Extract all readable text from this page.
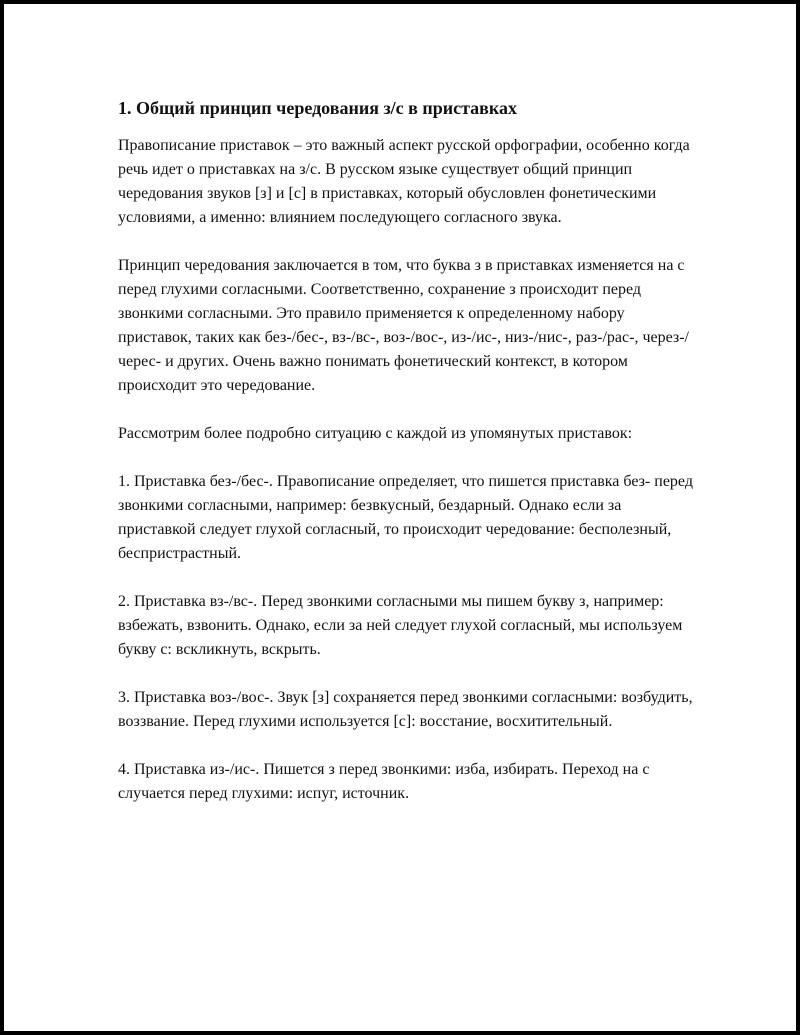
1. Общий принцип чередования з/с в приставках

Правописание приставок – это важный аспект русской орфографии, особенно когда речь идет о приставках на з/с. В русском языке существует общий принцип чередования звуков [з] и [с] в приставках, который обусловлен фонетическими условиями, а именно: влиянием последующего согласного звука.

Принцип чередования заключается в том, что буква з в приставках изменяется на с перед глухими согласными. Соответственно, сохранение з происходит перед звонкими согласными. Это правило применяется к определенному набору приставок, таких как без-/бес-, вз-/вс-, воз-/вос-, из-/ис-, низ-/нис-, раз-/рас-, через-/черес- и других. Очень важно понимать фонетический контекст, в котором происходит это чередование.

Рассмотрим более подробно ситуацию с каждой из упомянутых приставок:

1. Приставка без-/бес-. Правописание определяет, что пишется приставка без- перед звонкими согласными, например: безвкусный, бездарный. Однако если за приставкой следует глухой согласный, то происходит чередование: бесполезный, беспристрастный.

2. Приставка вз-/вс-. Перед звонкими согласными мы пишем букву з, например: взбежать, взвонить. Однако, если за ней следует глухой согласный, мы используем букву с: вскликнуть, вскрыть.

3. Приставка воз-/вос-. Звук [з] сохраняется перед звонкими согласными: возбудить, воззвание. Перед глухими используется [с]: восстание, восхитительный.

4. Приставка из-/ис-. Пишется з перед звонкими: изба, избирать. Переход на с случается перед глухими: испуг, источник.
